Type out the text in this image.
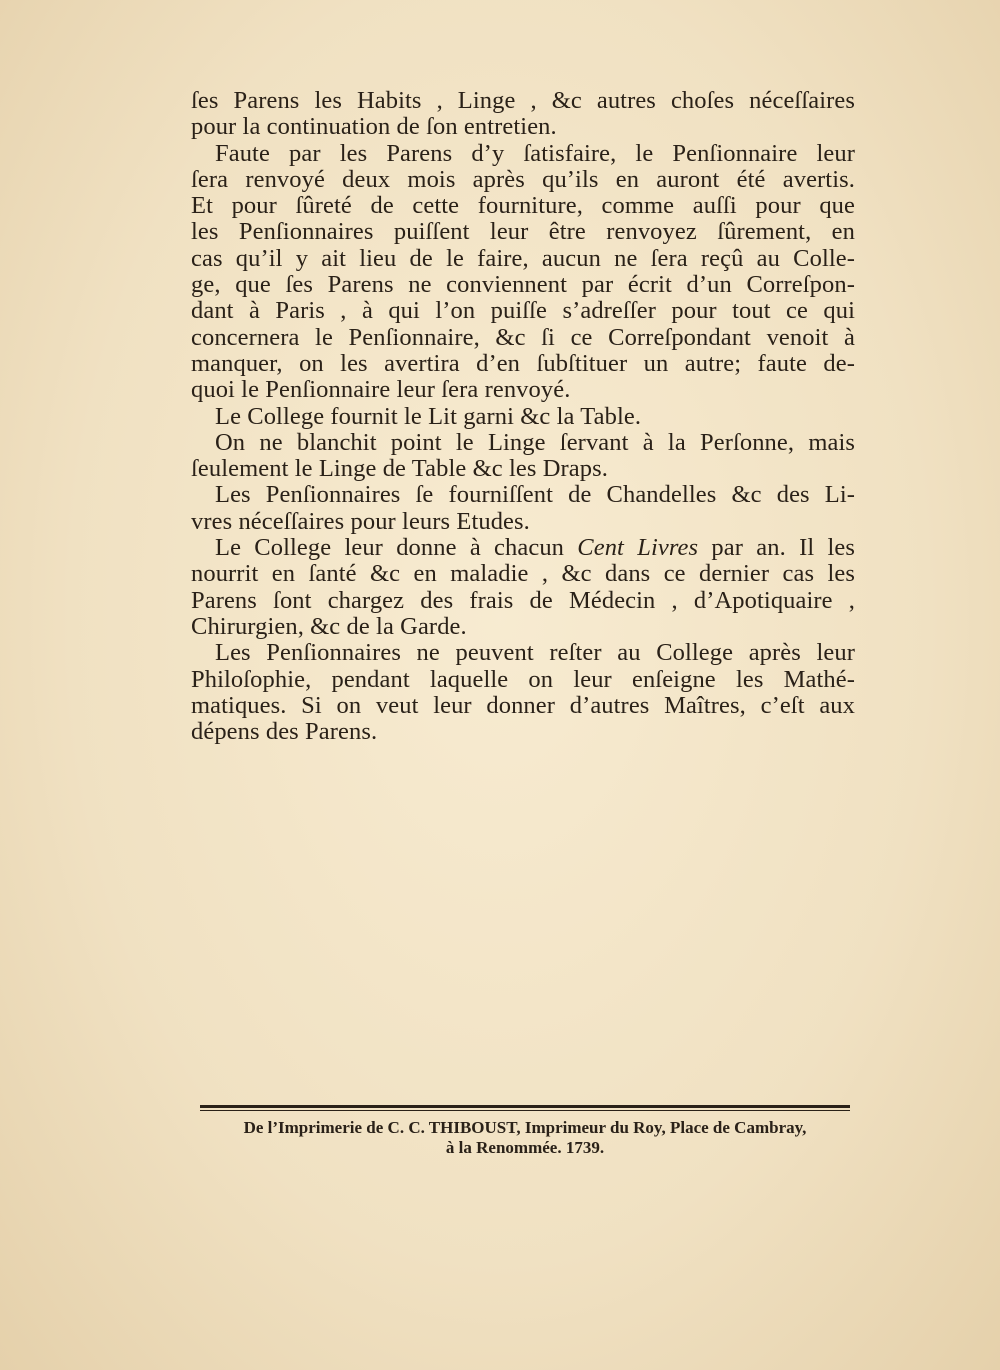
ſes Parens les Habits , Linge , &c autres choſes néceſſaires
pour la continuation de ſon entretien.
Faute par les Parens d’y ſatisfaire, le Penſionnaire leur
ſera renvoyé deux mois après qu’ils en auront été avertis.
Et pour ſûreté de cette fourniture, comme auſſi pour que
les Penſionnaires puiſſent leur être renvoyez ſûrement, en
cas qu’il y ait lieu de le faire, aucun ne ſera reçû au Colle-
ge, que ſes Parens ne conviennent par écrit d’un Correſpon-
dant à Paris , à qui l’on puiſſe s’adreſſer pour tout ce qui
concernera le Penſionnaire, &c ſi ce Correſpondant venoit à
manquer, on les avertira d’en ſubſtituer un autre; faute de-
quoi le Penſionnaire leur ſera renvoyé.
Le College fournit le Lit garni &c la Table.
On ne blanchit point le Linge ſervant à la Perſonne, mais
ſeulement le Linge de Table &c les Draps.
Les Penſionnaires ſe fourniſſent de Chandelles &c des Li-
vres néceſſaires pour leurs Etudes.
Le College leur donne à chacun Cent Livres par an. Il les
nourrit en ſanté &c en maladie , &c dans ce dernier cas les
Parens ſont chargez des frais de Médecin , d’Apotiquaire ,
Chirurgien, &c de la Garde.
Les Penſionnaires ne peuvent reſter au College après leur
Philoſophie, pendant laquelle on leur enſeigne les Mathé-
matiques. Si on veut leur donner d’autres Maîtres, c’eſt aux
dépens des Parens.
De l’Imprimerie de C. C. THIBOUST, Imprimeur du Roy, Place de Cambray,
à la Renommée. 1739.
